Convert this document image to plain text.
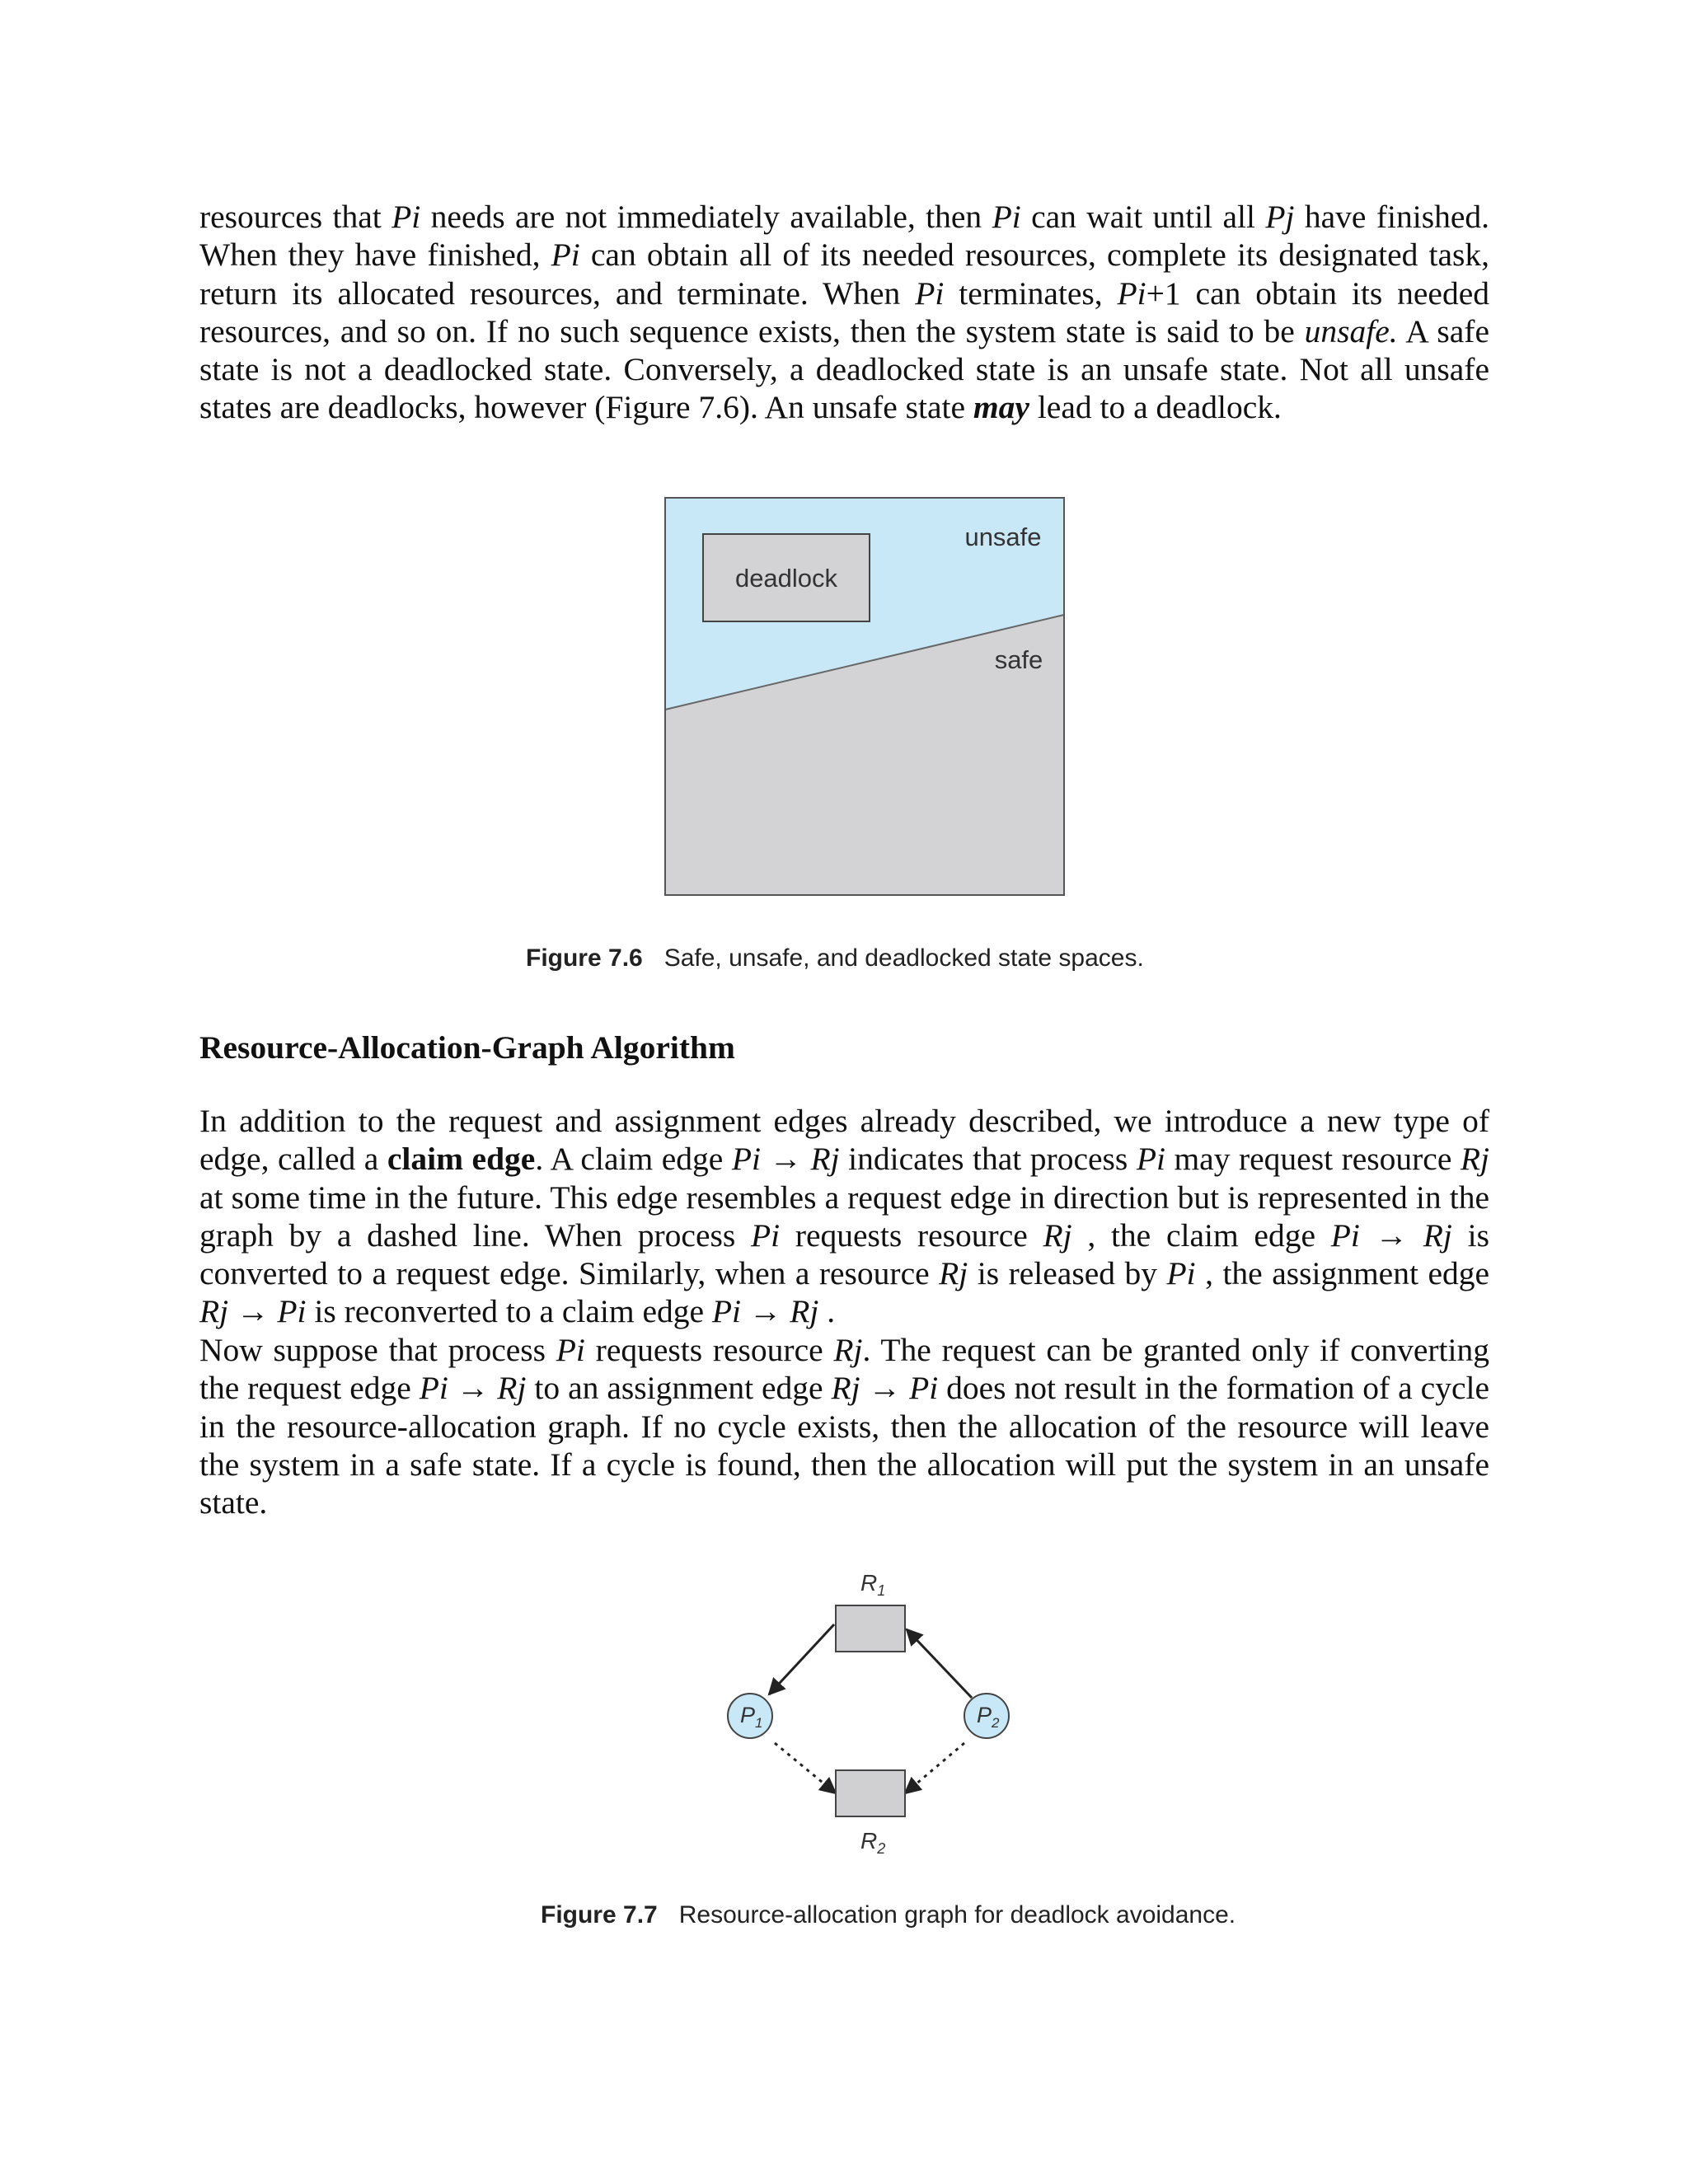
resources that Pi needs are not immediately available, then Pi can wait until all Pj have finished. When they have finished, Pi can obtain all of its needed resources, complete its designated task, return its allocated resources, and terminate. When Pi terminates, Pi+1 can obtain its needed resources, and so on. If no such sequence exists, then the system state is said to be unsafe. A safe state is not a deadlocked state. Conversely, a deadlocked state is an unsafe state. Not all unsafe states are deadlocks, however (Figure 7.6). An unsafe state may lead to a deadlock.

deadlock
unsafe
safe
Figure 7.6 Safe, unsafe, and deadlocked state spaces.
Resource-Allocation-Graph Algorithm

In addition to the request and assignment edges already described, we introduce a new type of edge, called a claim edge. A claim edge Pi → Rj indicates that process Pi may request resource Rj at some time in the future. This edge resembles a request edge in direction but is represented in the graph by a dashed line. When process Pi requests resource Rj , the claim edge Pi → Rj is converted to a request edge. Similarly, when a resource Rj is released by Pi , the assignment edge Rj → Pi is reconverted to a claim edge Pi → Rj .

Now suppose that process Pi requests resource Rj. The request can be granted only if converting the request edge Pi → Rj to an assignment edge Rj → Pi does not result in the formation of a cycle in the resource-allocation graph. If no cycle exists, then the allocation of the resource will leave the system in a safe state. If a cycle is found, then the allocation will put the system in an unsafe state.

$R_1$
$R_2$
$P_1$	$P_2$
Figure 7.7 Resource-allocation graph for deadlock avoidance.
